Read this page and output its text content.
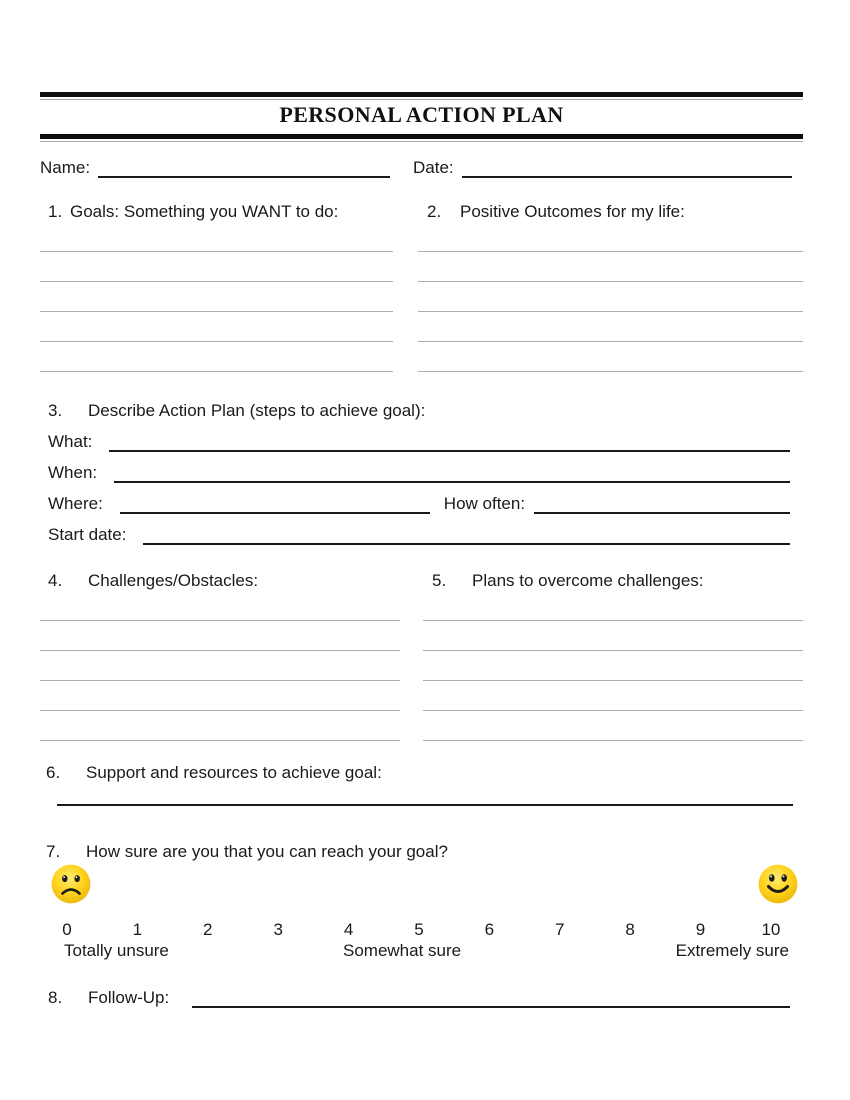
PERSONAL ACTION PLAN
Name:	Date:
1. Goals: Something you WANT to do:	2.	Positive Outcomes for my life:
3.	Describe Action Plan (steps to achieve goal):
What:
When:
Where:	How often:
Start date:
4.	Challenges/Obstacles:	5.	Plans to overcome challenges:
6.	Support and resources to achieve goal:
7.	How sure are you that you can reach your goal?
0	1	2	3	4	5	6	7	8	9	10
Totally unsure	Somewhat sure	Extremely sure
8.	Follow-Up:
